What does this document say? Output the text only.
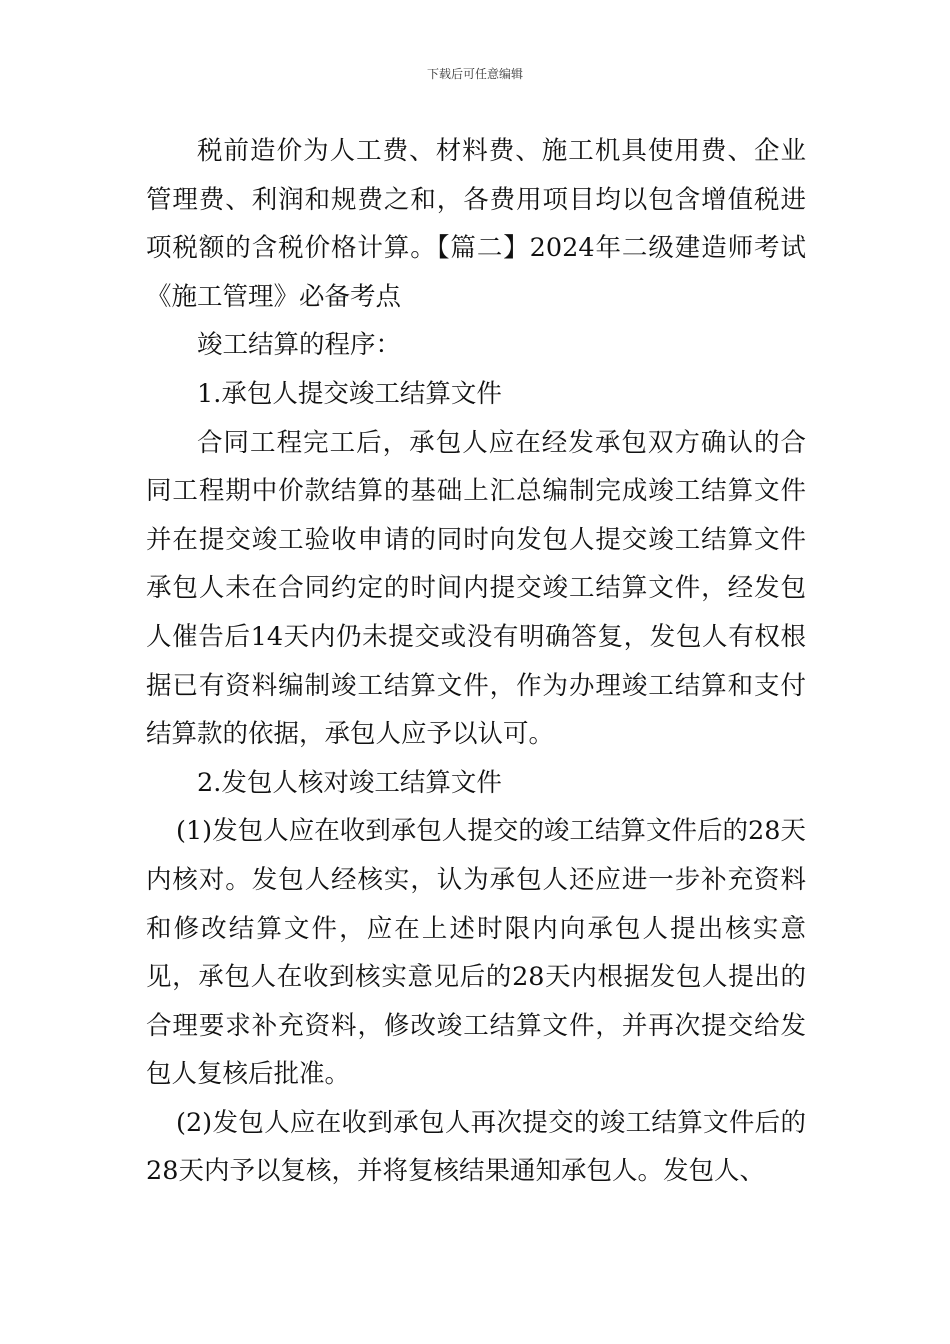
下载后可任意编辑

税前造价为人工费、材料费、施工机具使用费、企业管理费、利润和规费之和，各费用项目均以包含增值税进项税额的含税价格计算。【篇二】2024年二级建造师考试《施工管理》必备考点

竣工结算的程序：

1.承包人提交竣工结算文件

合同工程完工后，承包人应在经发承包双方确认的合同工程期中价款结算的基础上汇总编制完成竣工结算文件并在提交竣工验收申请的同时向发包人提交竣工结算文件承包人未在合同约定的时间内提交竣工结算文件，经发包人催告后14天内仍未提交或没有明确答复，发包人有权根据已有资料编制竣工结算文件，作为办理竣工结算和支付结算款的依据，承包人应予以认可。

2.发包人核对竣工结算文件

(1)发包人应在收到承包人提交的竣工结算文件后的28天内核对。发包人经核实，认为承包人还应进一步补充资料和修改结算文件，应在上述时限内向承包人提出核实意见，承包人在收到核实意见后的28天内根据发包人提出的合理要求补充资料，修改竣工结算文件，并再次提交给发包人复核后批准。

(2)发包人应在收到承包人再次提交的竣工结算文件后的28天内予以复核，并将复核结果通知承包人。发包人、
